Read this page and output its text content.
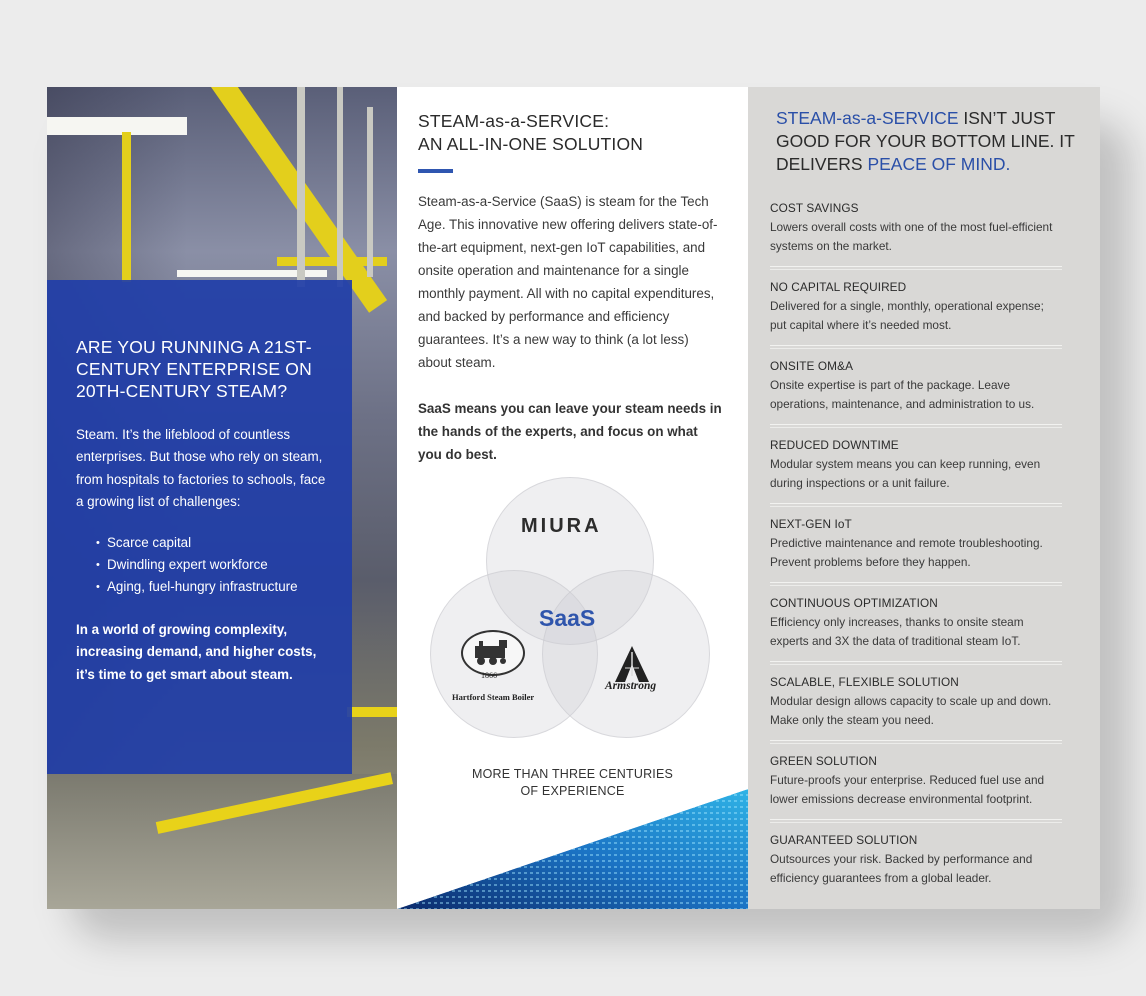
ARE YOU RUNNING A 21ST-CENTURY ENTERPRISE ON 20TH-CENTURY STEAM?

Steam. It’s the lifeblood of countless enterprises. But those who rely on steam, from hospitals to factories to schools, face a growing list of challenges:

• Scarce capital
• Dwindling expert workforce
• Aging, fuel-hungry infrastructure

In a world of growing complexity, increasing demand, and higher costs, it’s time to get smart about steam.

STEAM-as-a-SERVICE:
AN ALL-IN-ONE SOLUTION

Steam-as-a-Service (SaaS) is steam for the Tech Age. This innovative new offering delivers state-of-the-art equipment, next-gen IoT capabilities, and onsite operation and maintenance for a single monthly payment. All with no capital expenditures, and backed by performance and efficiency guarantees. It’s a new way to think (a lot less) about steam.

SaaS means you can leave your steam needs in the hands of the experts, and focus on what you do best.

MIURA
SaaS
1866
Hartford Steam Boiler
Armstrong

MORE THAN THREE CENTURIES
OF EXPERIENCE

STEAM-as-a-SERVICE ISN’T JUST GOOD FOR YOUR BOTTOM LINE. IT DELIVERS PEACE OF MIND.
COST SAVINGS
Lowers overall costs with one of the most fuel-efficient systems on the market.
NO CAPITAL REQUIRED
Delivered for a single, monthly, operational expense; put capital where it’s needed most.
ONSITE OM&A
Onsite expertise is part of the package. Leave operations, maintenance, and administration to us.
REDUCED DOWNTIME
Modular system means you can keep running, even during inspections or a unit failure.
NEXT-GEN IoT
Predictive maintenance and remote troubleshooting. Prevent problems before they happen.
CONTINUOUS OPTIMIZATION
Efficiency only increases, thanks to onsite steam experts and 3X the data of traditional steam IoT.
SCALABLE, FLEXIBLE SOLUTION
Modular design allows capacity to scale up and down. Make only the steam you need.
GREEN SOLUTION
Future-proofs your enterprise. Reduced fuel use and lower emissions decrease environmental footprint.
GUARANTEED SOLUTION
Outsources your risk. Backed by performance and efficiency guarantees from a global leader.
